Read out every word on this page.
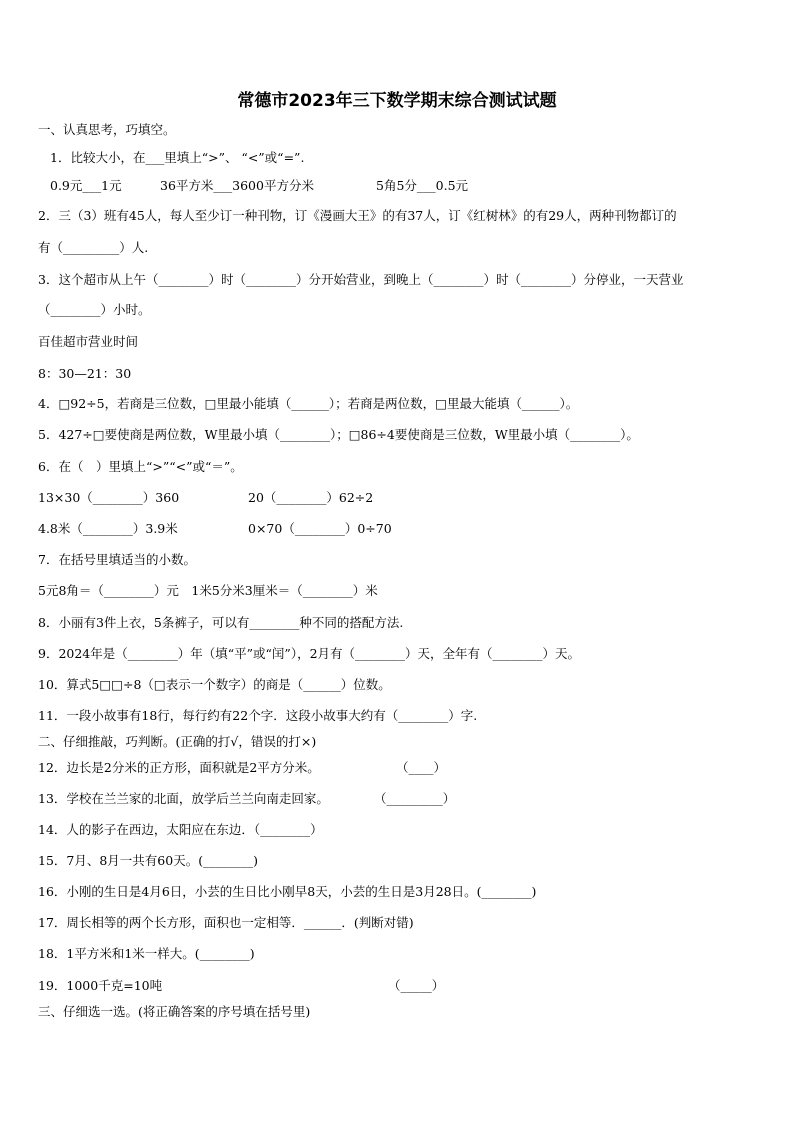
常德市2023年三下数学期末综合测试试题
一、认真思考，巧填空。
1．比较大小，在___里填上“>”、 “<”或“=”.
0.9元___1元	36平方米___3600平方分米	5角5分___0.5元
2．三（3）班有45人，每人至少订一种刊物，订《漫画大王》的有37人，订《红树林》的有29人，两种刊物都订的
有（_________）人.
3．这个超市从上午（________）时（________）分开始营业，到晚上（________）时（________）分停业，一天营业
（________）小时。
百佳超市营业时间
8：30—21：30
4．□92÷5，若商是三位数，□里最小能填（______）；若商是两位数，□里最大能填（______）。
5．427÷□要使商是两位数，W里最小填（________）；□86÷4要使商是三位数，W里最小填（________）。
6．在（　）里填上“>”“<”或“＝”。
13×30（________）360	20（________）62÷2
4.8米（________）3.9米	0×70（________）0÷70
7．在括号里填适当的小数。
5元8角＝（________）元　1米5分米3厘米＝（________）米
8．小丽有3件上衣，5条裤子，可以有________种不同的搭配方法.
9．2024年是（________）年（填“平”或“闰”），2月有（________）天，全年有（________）天。
10．算式5□□÷8（□表示一个数字）的商是（______）位数。
11．一段小故事有18行，每行约有22个字．这段小故事大约有（________）字.
二、仔细推敲，巧判断。(正确的打√，错误的打×)
12．边长是2分米的正方形，面积就是2平方分米。	（____）
13．学校在兰兰家的北面，放学后兰兰向南走回家。	（_________）
14．人的影子在西边，太阳应在东边．（________）
15．7月、8月一共有60天。(________)
16．小刚的生日是4月6日，小芸的生日比小刚早8天，小芸的生日是3月28日。(________)
17．周长相等的两个长方形，面积也一定相等．______．(判断对错)
18．1平方米和1米一样大。(________)
19．1000千克=10吨	（_____）
三、仔细选一选。(将正确答案的序号填在括号里)
